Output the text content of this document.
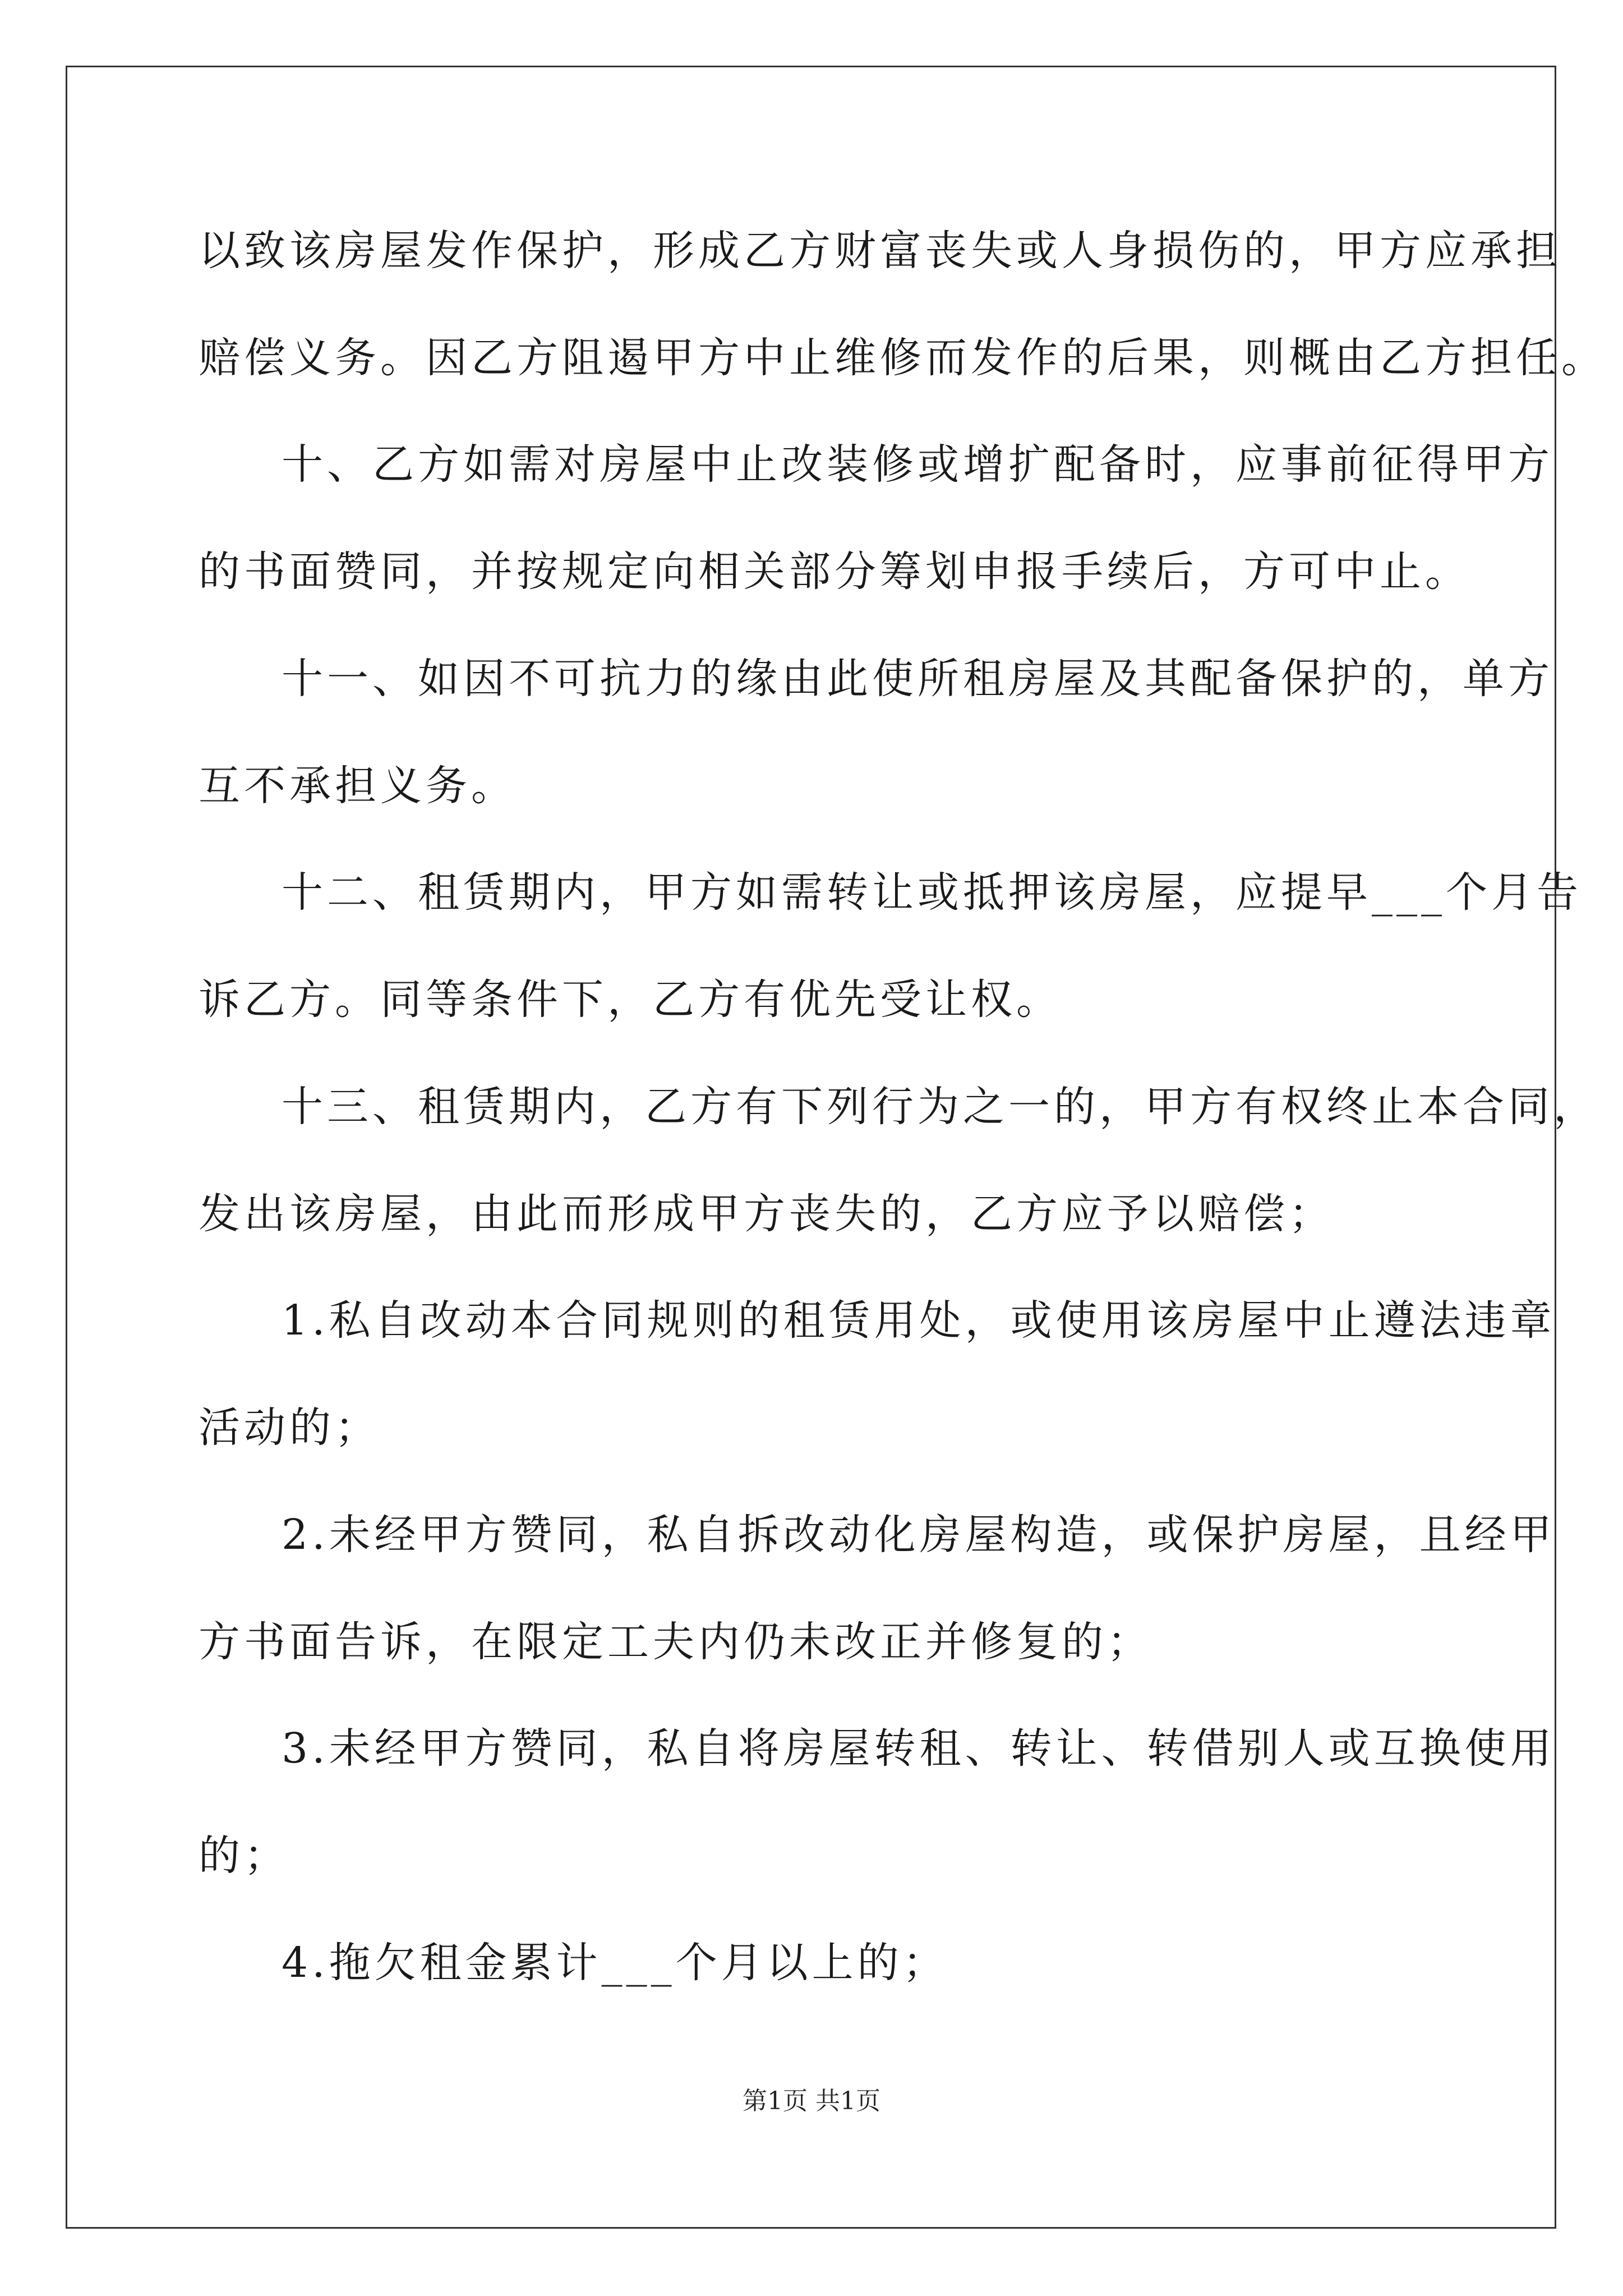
以致该房屋发作保护，形成乙方财富丧失或人身损伤的，甲方应承担
赔偿义务。因乙方阻遏甲方中止维修而发作的后果，则概由乙方担任。
十、乙方如需对房屋中止改装修或增扩配备时，应事前征得甲方
的书面赞同，并按规定向相关部分筹划申报手续后，方可中止。
十一、如因不可抗力的缘由此使所租房屋及其配备保护的，单方
互不承担义务。
十二、租赁期内，甲方如需转让或抵押该房屋，应提早___个月告
诉乙方。同等条件下，乙方有优先受让权。
十三、租赁期内，乙方有下列行为之一的，甲方有权终止本合同，
发出该房屋，由此而形成甲方丧失的，乙方应予以赔偿；
1.私自改动本合同规则的租赁用处，或使用该房屋中止遵法违章
活动的；
2.未经甲方赞同，私自拆改动化房屋构造，或保护房屋，且经甲
方书面告诉，在限定工夫内仍未改正并修复的；
3.未经甲方赞同，私自将房屋转租、转让、转借别人或互换使用
的；
4.拖欠租金累计___个月以上的；
第1页 共1页
